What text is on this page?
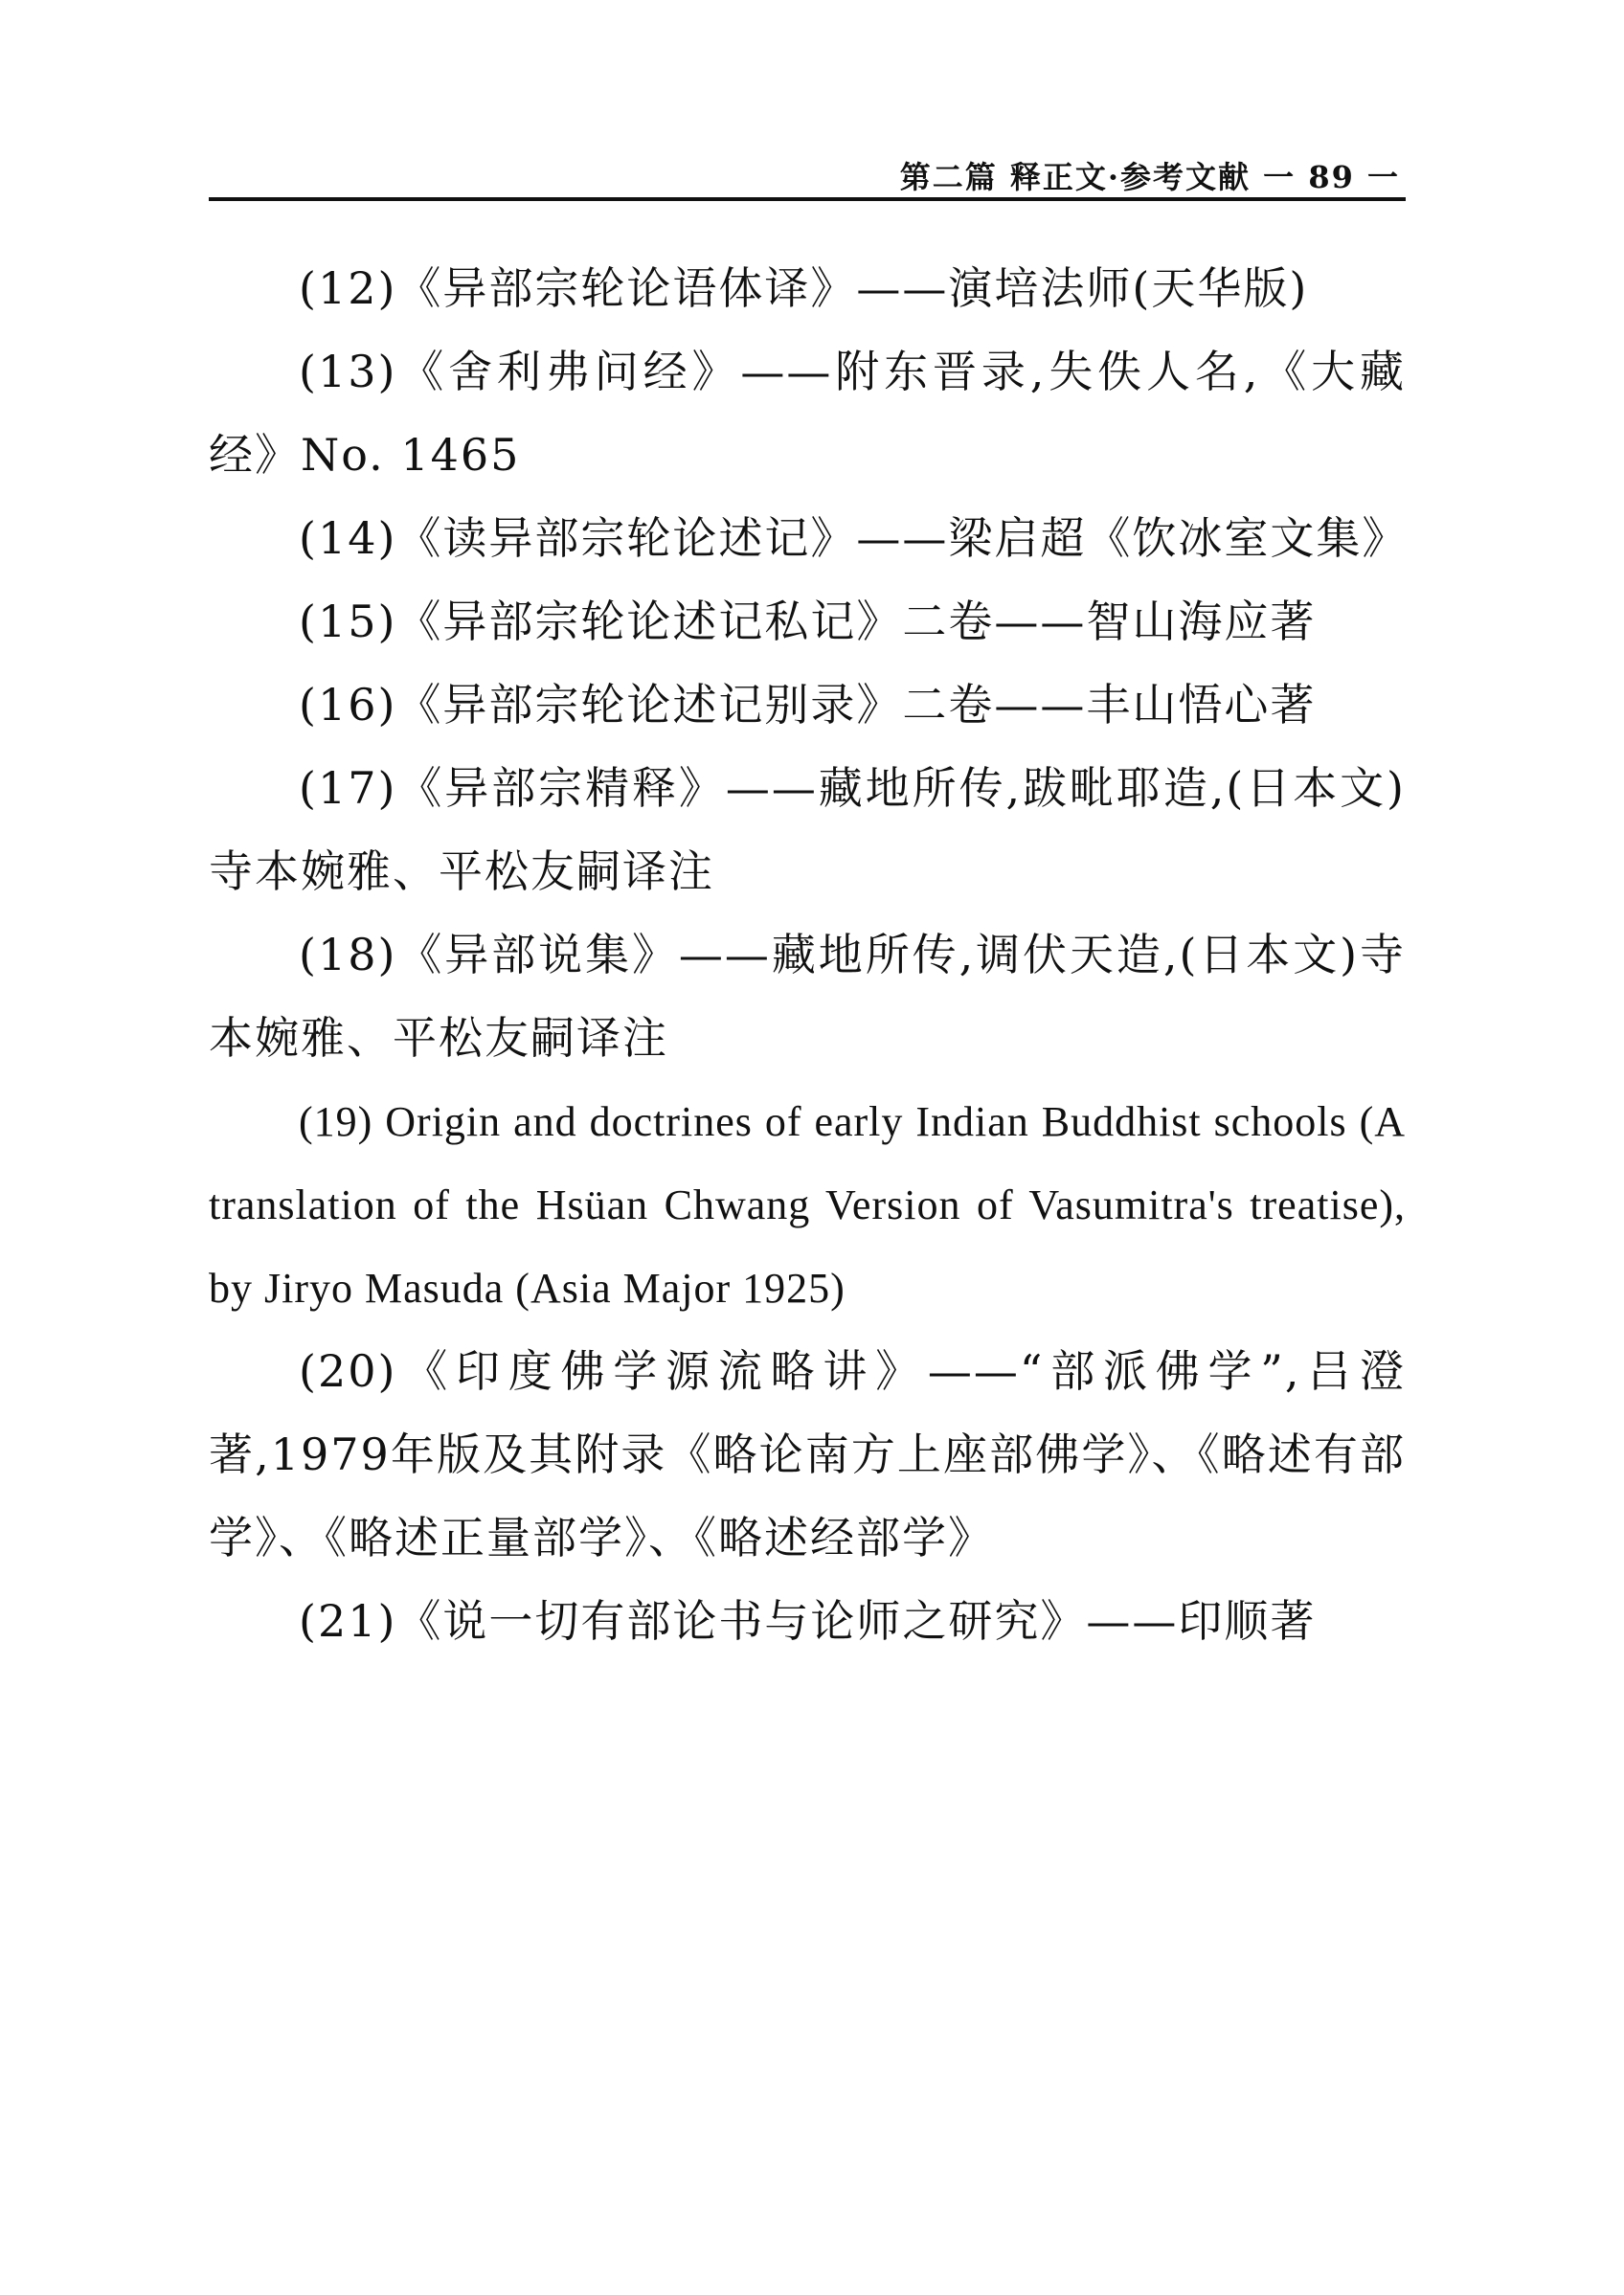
第二篇 释正文·参考文献 一 89 一

(12)《异部宗轮论语体译》——演培法师(天华版)

(13)《舍利弗问经》——附东晋录,失佚人名,《大藏经》No. 1465

(14)《读异部宗轮论述记》——梁启超《饮冰室文集》

(15)《异部宗轮论述记私记》二卷——智山海应著

(16)《异部宗轮论述记别录》二卷——丰山悟心著

(17)《异部宗精释》——藏地所传,跋毗耶造,(日本文)寺本婉雅、平松友嗣译注

(18)《异部说集》——藏地所传,调伏天造,(日本文)寺本婉雅、平松友嗣译注

(19) Origin and doctrines of early Indian Buddhist schools (A translation of the Hsüan Chwang Version of Vasumitra's treatise), by Jiryo Masuda (Asia Major 1925)

(20)《印度佛学源流略讲》——“部派佛学”,吕澄著,1979年版及其附录《略论南方上座部佛学》、《略述有部学》、《略述正量部学》、《略述经部学》

(21)《说一切有部论书与论师之研究》——印顺著
